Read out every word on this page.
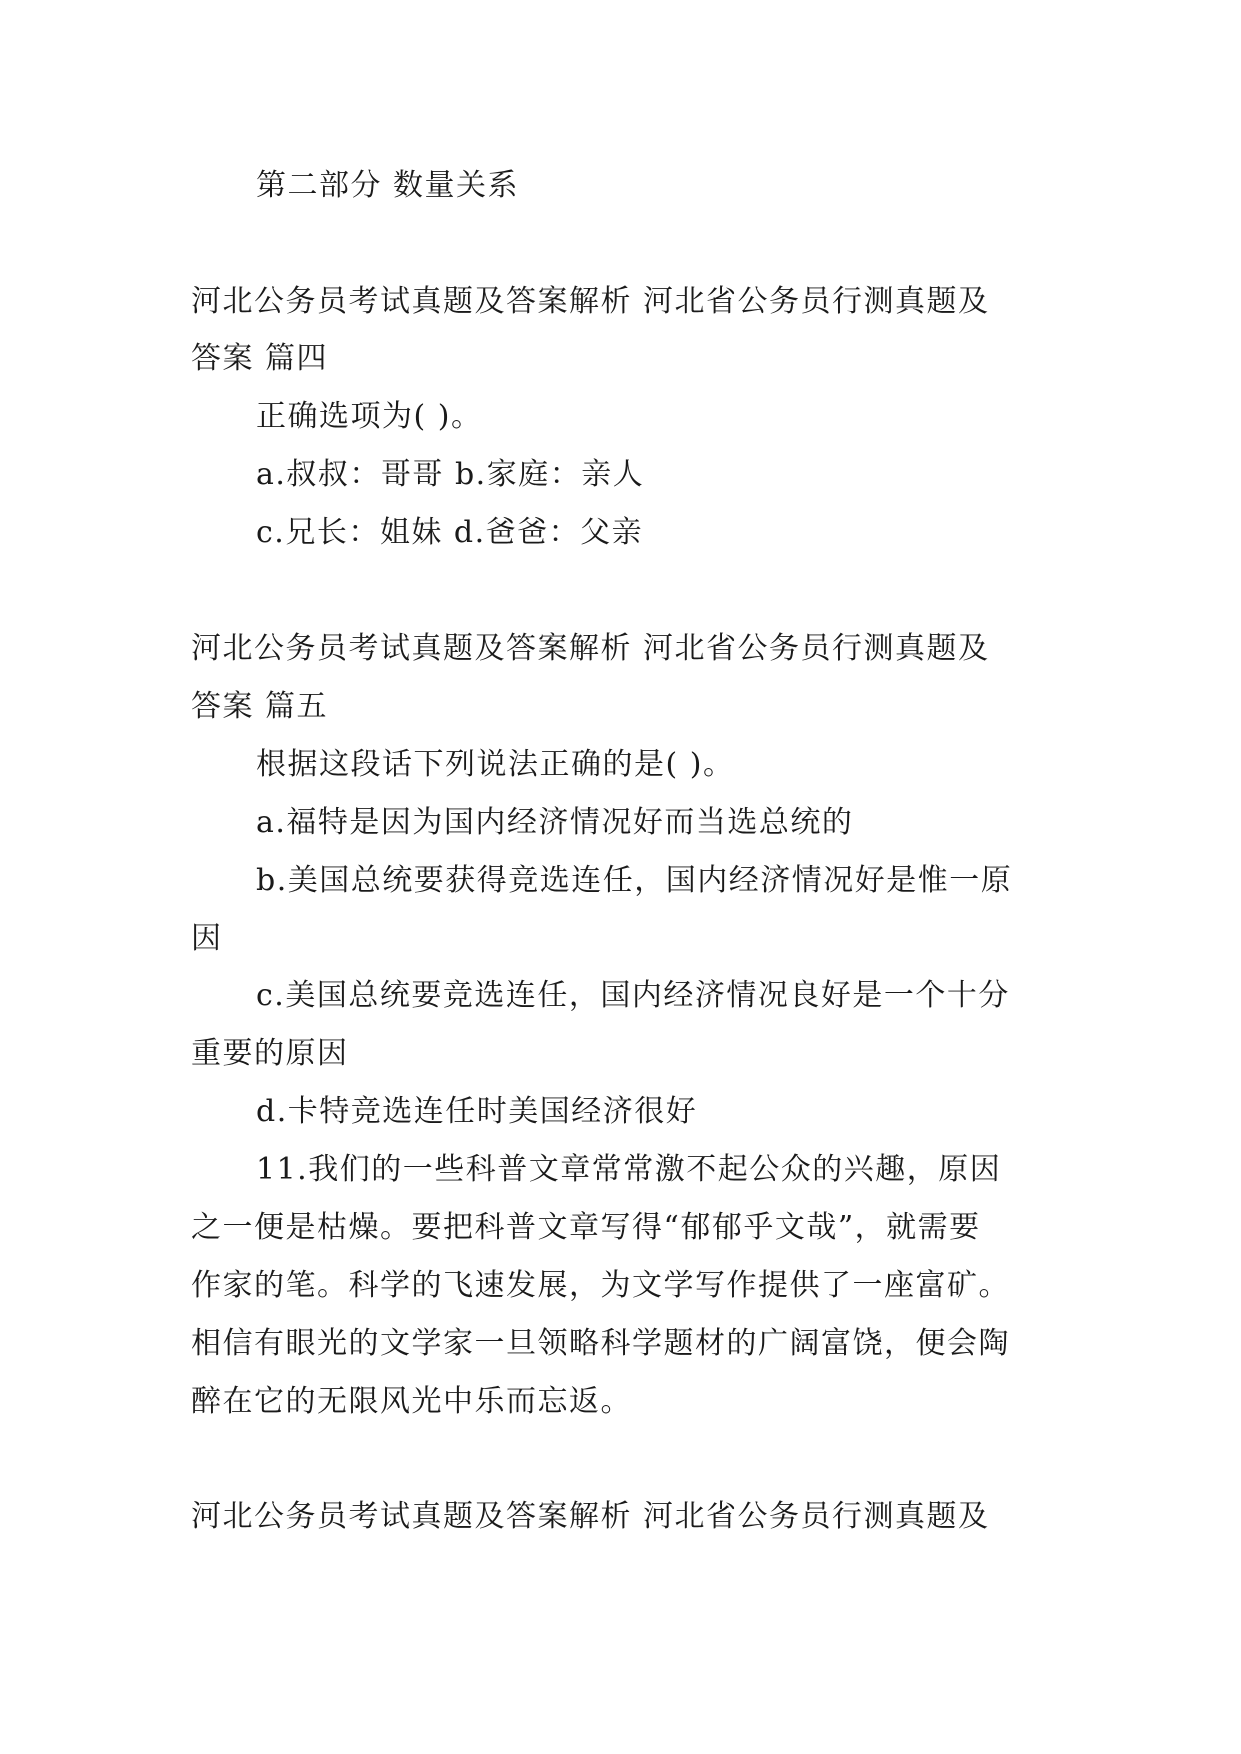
第二部分 数量关系
河北公务员考试真题及答案解析 河北省公务员行测真题及
答案 篇四
正确选项为( )。
a.叔叔：哥哥 b.家庭：亲人
c.兄长：姐妹 d.爸爸：父亲
河北公务员考试真题及答案解析 河北省公务员行测真题及
答案 篇五
根据这段话下列说法正确的是( )。
a.福特是因为国内经济情况好而当选总统的
b.美国总统要获得竞选连任，国内经济情况好是惟一原
因
c.美国总统要竞选连任，国内经济情况良好是一个十分
重要的原因
d.卡特竞选连任时美国经济很好
11.我们的一些科普文章常常激不起公众的兴趣，原因
之一便是枯燥。要把科普文章写得“郁郁乎文哉”，就需要
作家的笔。科学的飞速发展，为文学写作提供了一座富矿。
相信有眼光的文学家一旦领略科学题材的广阔富饶，便会陶
醉在它的无限风光中乐而忘返。
河北公务员考试真题及答案解析 河北省公务员行测真题及
